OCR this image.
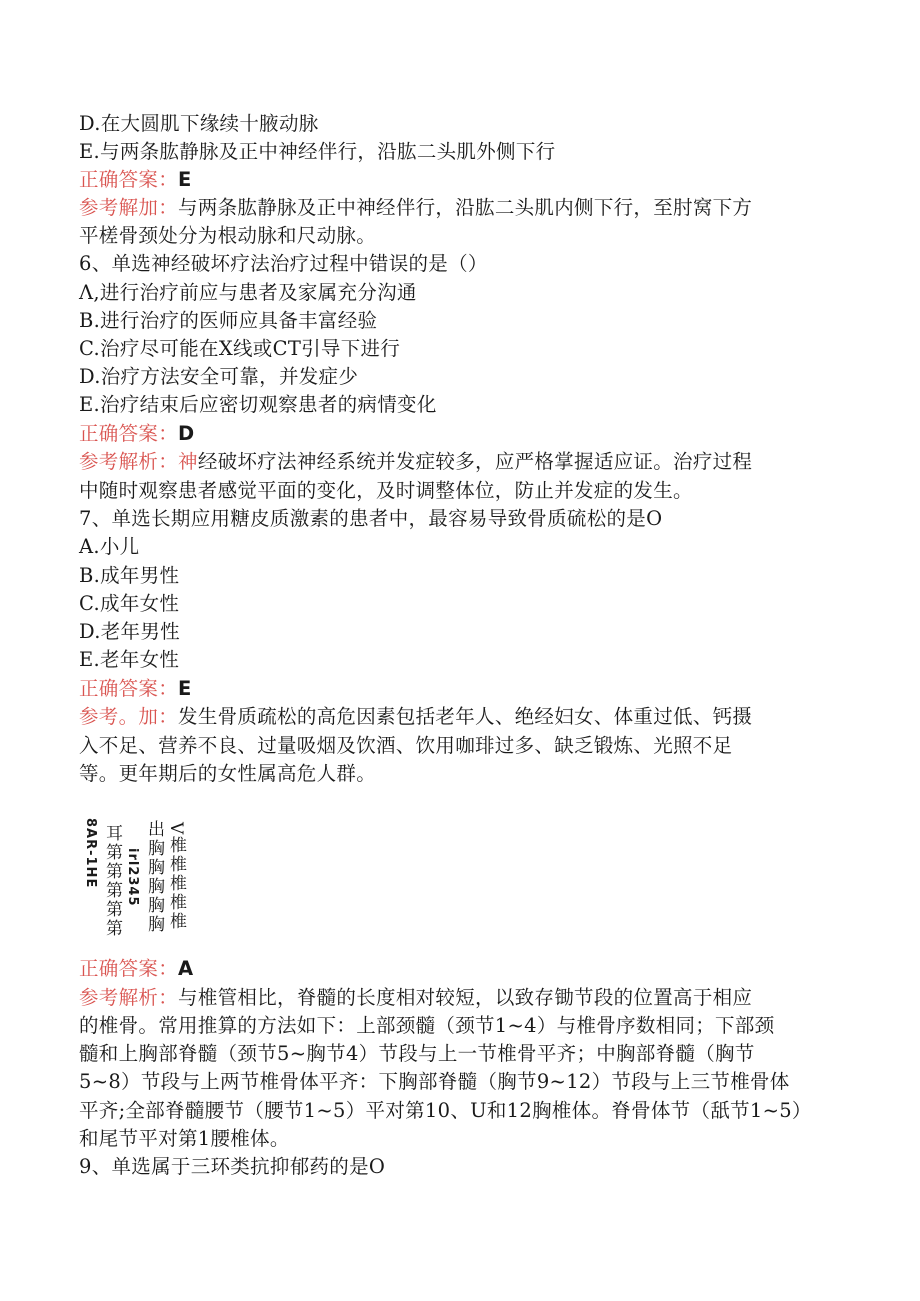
D.在大圆肌下缘续十腋动脉
E.与两条肱静脉及正中神经伴行，沿肱二头肌外侧下行
正确答案：E
参考解加：与两条肱静脉及正中神经伴行，沿肱二头肌内侧下行，至肘窝下方
平槎骨颈处分为根动脉和尺动脉。
6、单选神经破坏疗法治疗过程中错误的是（）
Λ,进行治疗前应与患者及家属充分沟通
B.进行治疗的医师应具备丰富经验
C.治疗尽可能在X线或CT引导下进行
D.治疗方法安全可靠，并发症少
E.治疗结束后应密切观察患者的病情变化
正确答案：D
参考解析：神经破坏疗法神经系统并发症较多，应严格掌握适应证。治疗过程
中随时观察患者感觉平面的变化，及时调整体位，防止并发症的发生。
7、单选长期应用糖皮质激素的患者中，最容易导致骨质硫松的是O
A.小儿
B.成年男性
C.成年女性
D.老年男性
E.老年女性
正确答案：E
参考。加：发生骨质疏松的高危因素包括老年人、绝经妇女、体重过低、钙摄
入不足、营养不良、过量吸烟及饮酒、饮用咖琲过多、缺乏锻炼、光照不足
等。更年期后的女性属高危人群。
8AR-1HE 耳第第第第第 irl2345 出胸胸胸胸胸 V椎椎椎椎椎
正确答案：A
参考解析：与椎管相比，脊髓的长度相对较短，以致存锄节段的位置高于相应
的椎骨。常用推算的方法如下：上部颈髓（颈节1~4）与椎骨序数相同；下部颈
髓和上胸部脊髓（颈节5~胸节4）节段与上一节椎骨平齐；中胸部脊髓（胸节
5~8）节段与上两节椎骨体平齐：下胸部脊髓（胸节9~12）节段与上三节椎骨体
平齐;全部脊髓腰节（腰节1~5）平对第10、U和12胸椎体。脊骨体节（舐节1~5）
和尾节平对第1腰椎体。
9、单选属于三环类抗抑郁药的是O
